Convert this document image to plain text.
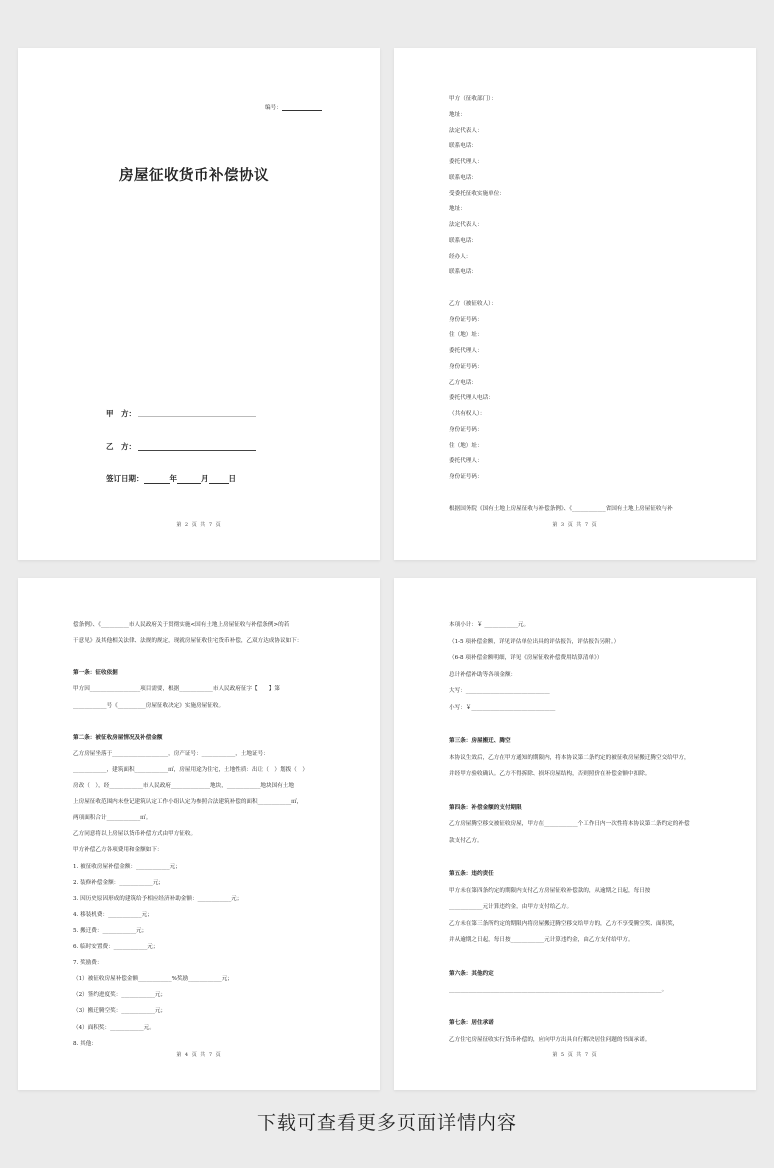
编号：
房屋征收货币补偿协议
甲　方：
乙　方：
签订日期：	年	月	日
第 2 页 共 7 页
甲方（征收部门）：
地址：
法定代表人：
联系电话：
委托代理人：
联系电话：
受委托征收实施单位：
地址：
法定代表人：
联系电话：
经办人：
联系电话：
乙方（被征收人）：
身份证号码：
住（地）址：
委托代理人：
身份证号码：
乙方电话：
委托代理人电话：
（共有权人）：
身份证号码：
住（地）址：
委托代理人：
身份证号码：
根据国务院《国有土地上房屋征收与补偿条例》、《____________省国有土地上房屋征收与补
第 3 页 共 7 页
偿条例》、《__________市人民政府关于贯彻实施<国有土地上房屋征收与补偿条例>的若
干意见》及其他相关法律、法规的规定，现就房屋征收住宅货币补偿，乙双方达成协议如下：
第一条：征收依据
甲方因__________________项目需要，根据____________市人民政府征字【　　】第
____________号《__________房屋征收决定》实施房屋征收。
第二条：被征收房屋情况及补偿金额
乙方房屋坐落于____________________，房产证号：____________，土地证号：
____________，建筑面积____________㎡，房屋用途为住宅，土地性质：出让（　）划拨（　）
房改（　），经____________市人民政府______________地块，____________地块国有土地
上房屋征收范围内未登记建筑认定工作小组认定为参照合法建筑补偿的面积____________㎡，
两项面积合计____________㎡。
乙方同意将以上房屋以货币补偿方式由甲方征收。
甲方补偿乙方各项费用和金额如下：
1. 被征收房屋补偿金额：____________元；
2. 装修补偿金额：____________元；
3. 因历史原因形成的建筑给予相应经济补助金额：____________元；
4. 移装机费：____________元；
5. 搬迁费：____________元；
6. 临时安置费：____________元；
7. 奖励费：
（1）被征收房屋补偿金额____________%奖励____________元；
（2）签约进度奖：____________元；
（3）搬迁腾空奖：____________元；
（4）面积奖：____________元。
8. 其他：
第 4 页 共 7 页
本项小计：￥ ____________元。
（1-5 项补偿金额，详见评估单位出具的评估报告，评估报告另附。）
（6-8 项补偿金额明细，详见《房屋征收补偿费用结算清单》）
总计补偿补助等各项金额：
大写：______________________________
小写：￥______________________________
第三条：房屋搬迁、腾空
本协议生效后，乙方在甲方通知的期限内，将本协议第二条约定的被征收房屋搬迁腾空交给甲方，
并经甲方验收确认。乙方不得拆除、损坏房屋结构，否则照价在补偿金额中扣除。
第四条：补偿金额的支付期限
乙方房屋腾空移交被征收房屋，甲方在____________个工作日内一次性将本协议第二条约定的补偿
款支付乙方。
第五条：违约责任
甲方未在第四条约定的期限内支付乙方房屋征收补偿款的，从逾期之日起，每日按
____________元计算违约金，由甲方支付给乙方。
乙方未在第三条所约定的期限内将房屋搬迁腾空移交给甲方的，乙方不享受腾空奖、面积奖，
并从逾期之日起，每日按____________元计算违约金，由乙方支付给甲方。
第六条：其他约定
____________________________________________________________________________。
第七条：居住承诺
乙方住宅房屋征收实行货币补偿的，应向甲方出具自行解决居住问题的书面承诺。
第 5 页 共 7 页
下载可查看更多页面详情内容
